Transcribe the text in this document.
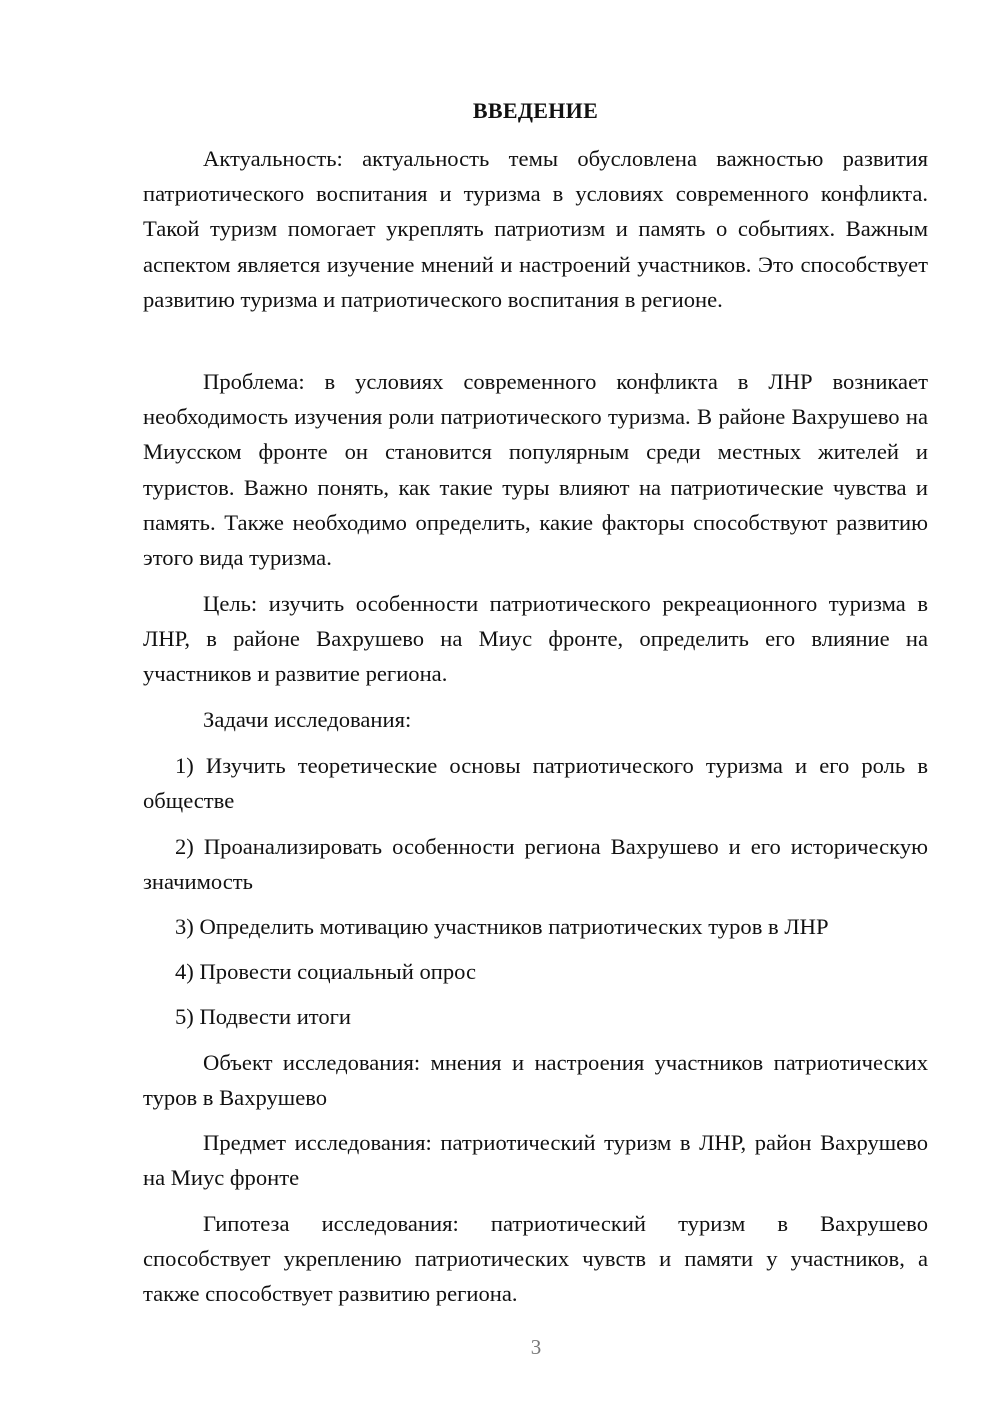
ВВЕДЕНИЕ

Актуальность: актуальность темы обусловлена важностью развития патриотического воспитания и туризма в условиях современного конфликта. Такой туризм помогает укреплять патриотизм и память о событиях. Важным аспектом является изучение мнений и настроений участников. Это способствует развитию туризма и патриотического воспитания в регионе.

Проблема: в условиях современного конфликта в ЛНР возникает необходимость изучения роли патриотического туризма. В районе Вахрушево на Миусском фронте он становится популярным среди местных жителей и туристов. Важно понять, как такие туры влияют на патриотические чувства и память. Также необходимо определить, какие факторы способствуют развитию этого вида туризма.

Цель: изучить особенности патриотического рекреационного туризма в ЛНР, в районе Вахрушево на Миус фронте, определить его влияние на участников и развитие региона.

Задачи исследования:

1) Изучить теоретические основы патриотического туризма и его роль в обществе

2) Проанализировать особенности региона Вахрушево и его историческую значимость

3) Определить мотивацию участников патриотических туров в ЛНР

4) Провести социальный опрос

5) Подвести итоги

Объект исследования: мнения и настроения участников патриотических туров в Вахрушево

Предмет исследования: патриотический туризм в ЛНР, район Вахрушево на Миус фронте

Гипотеза исследования: патриотический туризм в Вахрушево способствует укреплению патриотических чувств и памяти у участников, а также способствует развитию региона.

3
